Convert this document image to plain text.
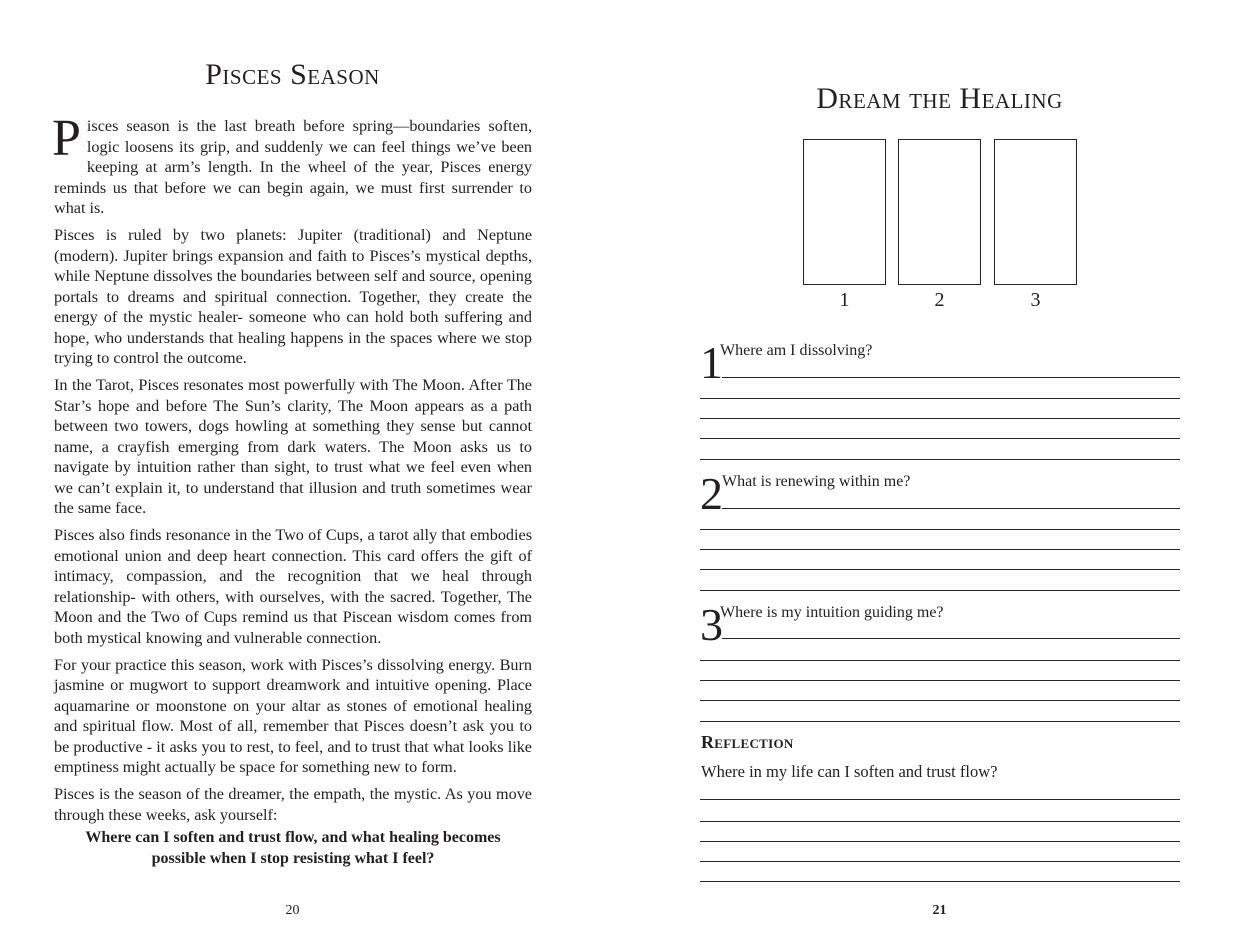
Pisces Season

Pisces season is the last breath before spring—boundaries soften, logic loosens its grip, and suddenly we can feel things we’ve been keeping at arm’s length. In the wheel of the year, Pisces energy reminds us that before we can begin again, we must first surrender to what is.

Pisces is ruled by two planets: Jupiter (traditional) and Neptune (modern). Jupiter brings expansion and faith to Pisces’s mystical depths, while Neptune dissolves the boundaries between self and source, opening portals to dreams and spiritual connection. Together, they create the energy of the mystic healer- someone who can hold both suffering and hope, who understands that healing happens in the spaces where we stop trying to control the outcome.

In the Tarot, Pisces resonates most powerfully with The Moon. After The Star’s hope and before The Sun’s clarity, The Moon appears as a path between two towers, dogs howling at something they sense but cannot name, a crayfish emerging from dark waters. The Moon asks us to navigate by intuition rather than sight, to trust what we feel even when we can’t explain it, to understand that illusion and truth sometimes wear the same face.

Pisces also finds resonance in the Two of Cups, a tarot ally that embodies emotional union and deep heart connection. This card offers the gift of intimacy, compassion, and the recognition that we heal through relationship- with others, with ourselves, with the sacred. Together, The Moon and the Two of Cups remind us that Piscean wisdom comes from both mystical knowing and vulnerable connection.

For your practice this season, work with Pisces’s dissolving energy. Burn jasmine or mugwort to support dreamwork and intuitive opening. Place aquamarine or moonstone on your altar as stones of emotional healing and spiritual flow. Most of all, remember that Pisces doesn’t ask you to be productive - it asks you to rest, to feel, and to trust that what looks like emptiness might actually be space for something new to form.

Pisces is the season of the dreamer, the empath, the mystic. As you move through these weeks, ask yourself:

Where can I soften and trust flow, and what healing becomes
possible when I stop resisting what I feel?
20
Dream the Healing
1	2	3
1
Where am I dissolving?
2 What is renewing within me?
3
Where is my intuition guiding me?
Reflection
Where in my life can I soften and trust flow?
21
